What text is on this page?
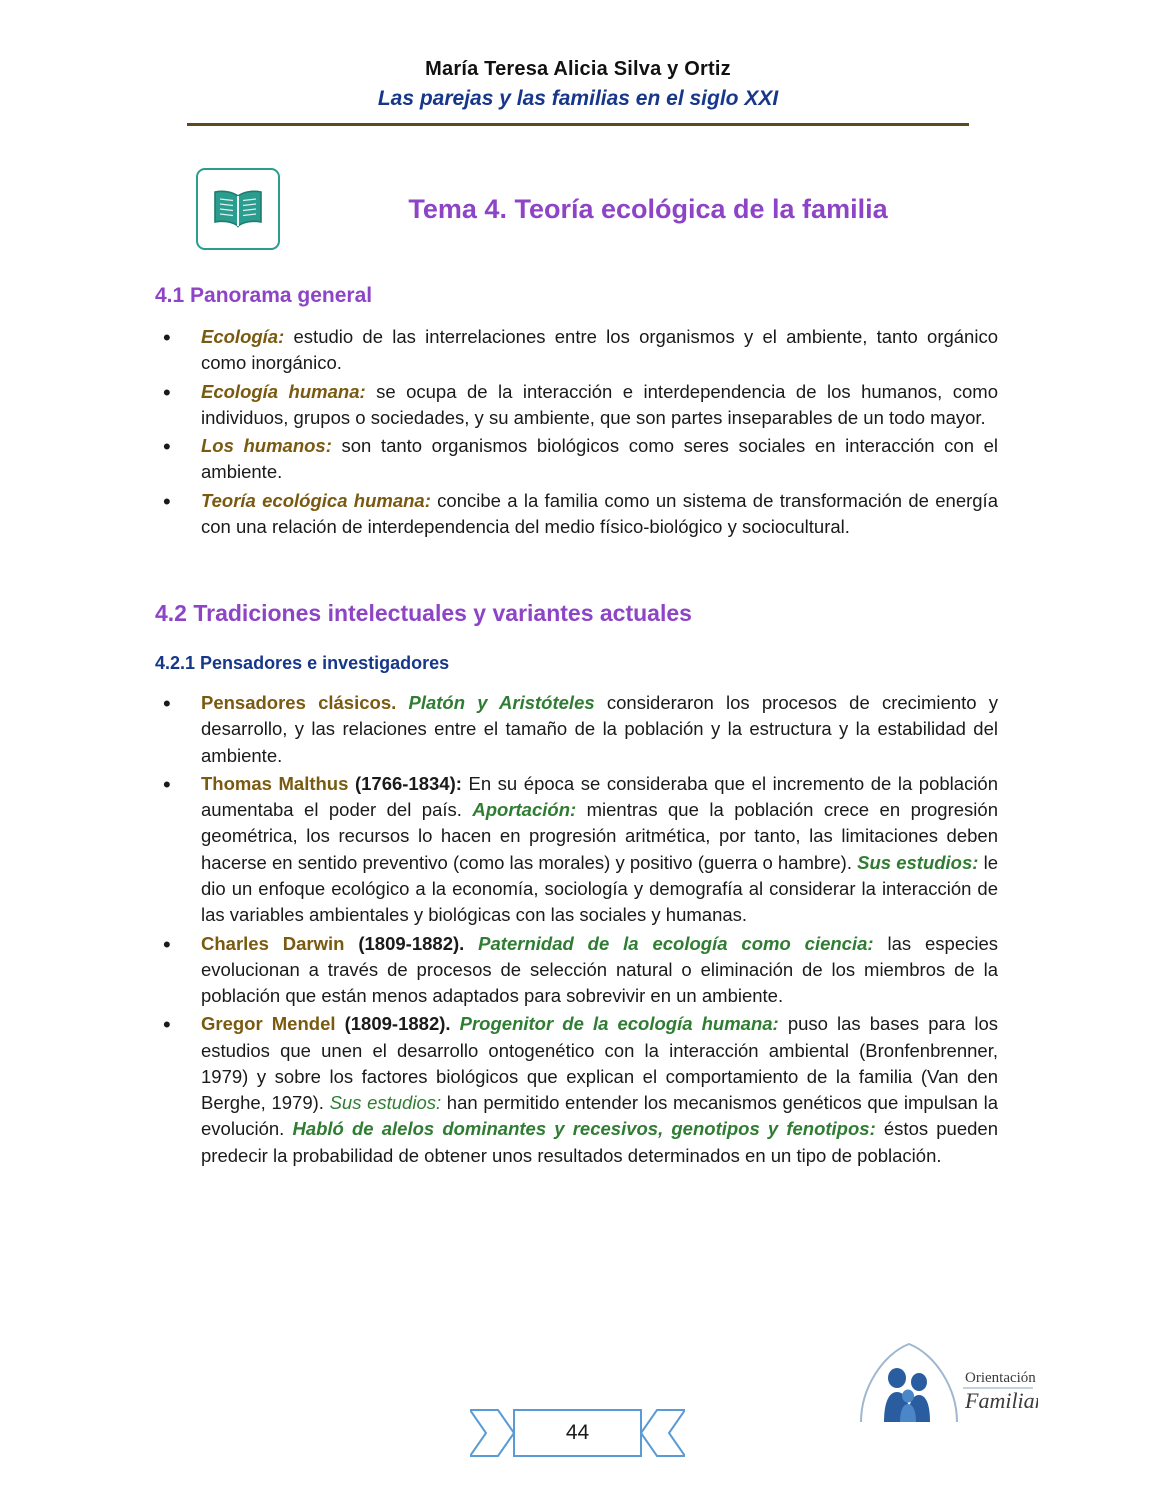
María Teresa Alicia Silva y Ortiz
Las parejas y las familias en el siglo XXI
Tema 4. Teoría ecológica de la familia
4.1 Panorama general
• Ecología: estudio de las interrelaciones entre los organismos y el ambiente, tanto orgánico como inorgánico.
• Ecología humana: se ocupa de la interacción e interdependencia de los humanos, como individuos, grupos o sociedades, y su ambiente, que son partes inseparables de un todo mayor.
• Los humanos: son tanto organismos biológicos como seres sociales en interacción con el ambiente.
• Teoría ecológica humana: concibe a la familia como un sistema de transformación de energía con una relación de interdependencia del medio físico-biológico y sociocultural.
4.2 Tradiciones intelectuales y variantes actuales
4.2.1 Pensadores e investigadores
• Pensadores clásicos. Platón y Aristóteles consideraron los procesos de crecimiento y desarrollo, y las relaciones entre el tamaño de la población y la estructura y la estabilidad del ambiente.
• Thomas Malthus (1766-1834): En su época se consideraba que el incremento de la población aumentaba el poder del país. Aportación: mientras que la población crece en progresión geométrica, los recursos lo hacen en progresión aritmética, por tanto, las limitaciones deben hacerse en sentido preventivo (como las morales) y positivo (guerra o hambre). Sus estudios: le dio un enfoque ecológico a la economía, sociología y demografía al considerar la interacción de las variables ambientales y biológicas con las sociales y humanas.
• Charles Darwin (1809-1882). Paternidad de la ecología como ciencia: las especies evolucionan a través de procesos de selección natural o eliminación de los miembros de la población que están menos adaptados para sobrevivir en un ambiente.
• Gregor Mendel (1809-1882). Progenitor de la ecología humana: puso las bases para los estudios que unen el desarrollo ontogenético con la interacción ambiental (Bronfenbrenner, 1979) y sobre los factores biológicos que explican el comportamiento de la familia (Van den Berghe, 1979). Sus estudios: han permitido entender los mecanismos genéticos que impulsan la evolución. Habló de alelos dominantes y recesivos, genotipos y fenotipos: éstos pueden predecir la probabilidad de obtener unos resultados determinados en un tipo de población.
44
Orientación
Familiar
